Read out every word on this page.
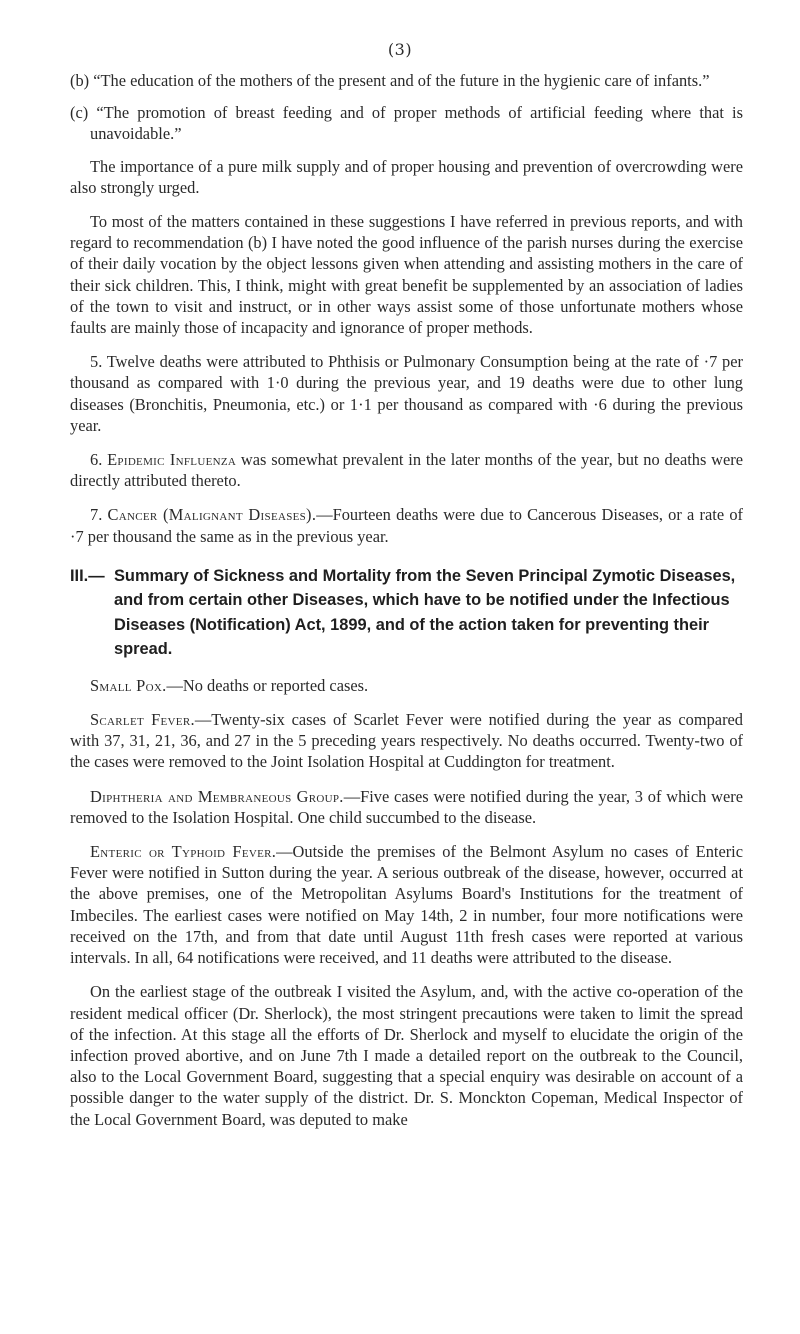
(3)

(b) “The education of the mothers of the present and of the future in the hygienic care of infants.”

(c) “The promotion of breast feeding and of proper methods of artificial feeding where that is unavoidable.”

The importance of a pure milk supply and of proper housing and prevention of overcrowding were also strongly urged.

To most of the matters contained in these suggestions I have referred in previous reports, and with regard to recommendation (b) I have noted the good influence of the parish nurses during the exercise of their daily vocation by the object lessons given when attending and assisting mothers in the care of their sick children. This, I think, might with great benefit be supplemented by an association of ladies of the town to visit and instruct, or in other ways assist some of those unfortunate mothers whose faults are mainly those of incapacity and ignorance of proper methods.

5. Twelve deaths were attributed to Phthisis or Pulmonary Consumption being at the rate of ·7 per thousand as compared with 1·0 during the previous year, and 19 deaths were due to other lung diseases (Bronchitis, Pneumonia, etc.) or 1·1 per thousand as compared with ·6 during the previous year.

6. Epidemic Influenza was somewhat prevalent in the later months of the year, but no deaths were directly attributed thereto.

7. Cancer (Malignant Diseases).—Fourteen deaths were due to Cancerous Diseases, or a rate of ·7 per thousand the same as in the previous year.

III.— Summary of Sickness and Mortality from the Seven Principal Zymotic Diseases, and from certain other Diseases, which have to be notified under the Infectious Diseases (Notification) Act, 1899, and of the action taken for preventing their spread.

Small Pox.—No deaths or reported cases.

Scarlet Fever.—Twenty-six cases of Scarlet Fever were notified during the year as compared with 37, 31, 21, 36, and 27 in the 5 preceding years respectively. No deaths occurred. Twenty-two of the cases were removed to the Joint Isolation Hospital at Cuddington for treatment.

Diphtheria and Membraneous Group.—Five cases were notified during the year, 3 of which were removed to the Isolation Hospital. One child succumbed to the disease.

Enteric or Typhoid Fever.—Outside the premises of the Belmont Asylum no cases of Enteric Fever were notified in Sutton during the year. A serious outbreak of the disease, however, occurred at the above premises, one of the Metropolitan Asylums Board's Institutions for the treatment of Imbeciles. The earliest cases were notified on May 14th, 2 in number, four more notifications were received on the 17th, and from that date until August 11th fresh cases were reported at various intervals. In all, 64 notifications were received, and 11 deaths were attributed to the disease.

On the earliest stage of the outbreak I visited the Asylum, and, with the active co-operation of the resident medical officer (Dr. Sherlock), the most stringent precautions were taken to limit the spread of the infection. At this stage all the efforts of Dr. Sherlock and myself to elucidate the origin of the infection proved abortive, and on June 7th I made a detailed report on the outbreak to the Council, also to the Local Government Board, suggesting that a special enquiry was desirable on account of a possible danger to the water supply of the district. Dr. S. Monckton Copeman, Medical Inspector of the Local Government Board, was deputed to make
